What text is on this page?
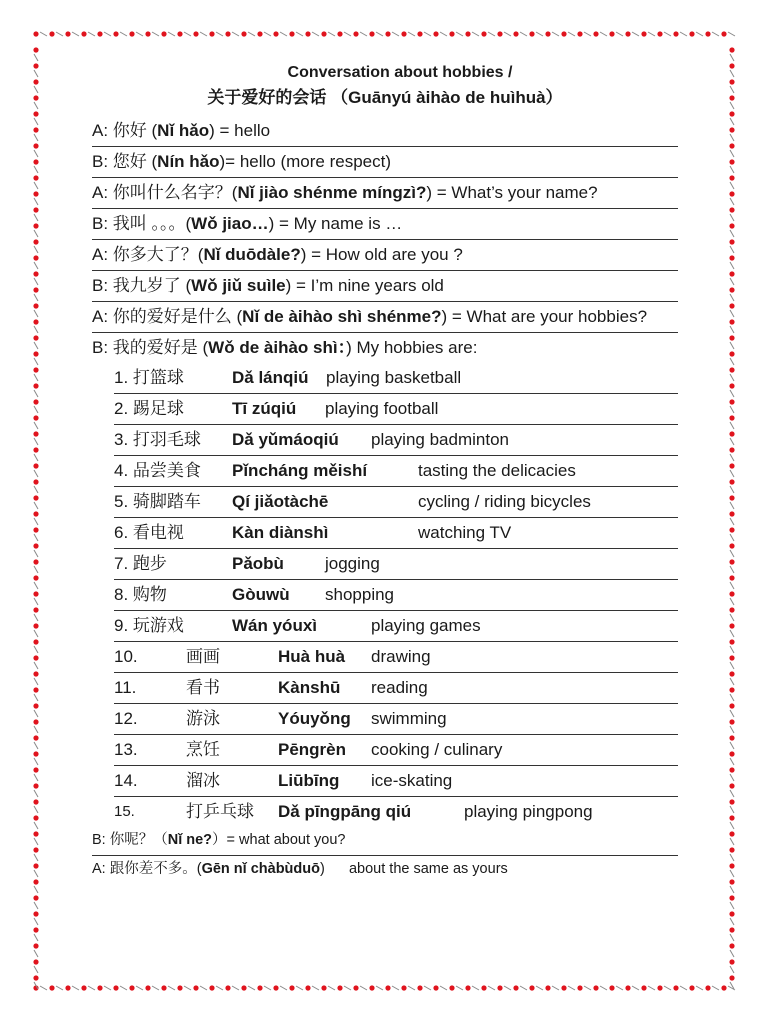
Conversation about hobbies /
关于爱好的会话 （Guānyú àihào de huìhuà）
A: 你好 (Nǐ hǎo) = hello
B: 您好 (Nín hǎo)= hello (more respect)
A: 你叫什么名字？(Nǐ jiào shénme míngzì?) = What’s your name?
B: 我叫 。。。(Wǒ jiao…) = My name is …
A: 你多大了？(Nǐ duōdàle?) = How old are you ?
B: 我九岁了 (Wǒ jiǔ suìle) = I’m nine years old
A: 你的爱好是什么 (Nǐ de àihào shì shénme?) = What are your hobbies?
B: 我的爱好是 (Wǒ de àihào shì：) My hobbies are:
1. 打篮球	Dǎ lánqiú playing basketball
2. 踢足球	Tī zúqiú playing football
3. 打羽毛球 Dǎ yǔmáoqiú playing badminton
4. 品尝美食 Pǐncháng měishí	tasting the delicacies
5. 骑脚踏车 Qí jiǎotàchē	cycling / riding bicycles
6. 看电视	Kàn diànshì	watching TV
7. 跑步	Pǎobù jogging
8. 购物	Gòuwù shopping
9. 玩游戏	Wán yóuxì	playing games
10.	画画	Huà huà drawing
11.	看书	Kànshū reading
12.	游泳	Yóuyǒng swimming
13.	烹饪	Pēngrèn cooking / culinary
14.	溜冰	Liūbīng ice-skating
15.	打乒乓球 Dǎ pīngpāng qiú	playing pingpong
B: 你呢？（Nǐ ne?）= what about you?
A: 跟你差不多。(Gēn nǐ chàbùduō)      about the same as yours
